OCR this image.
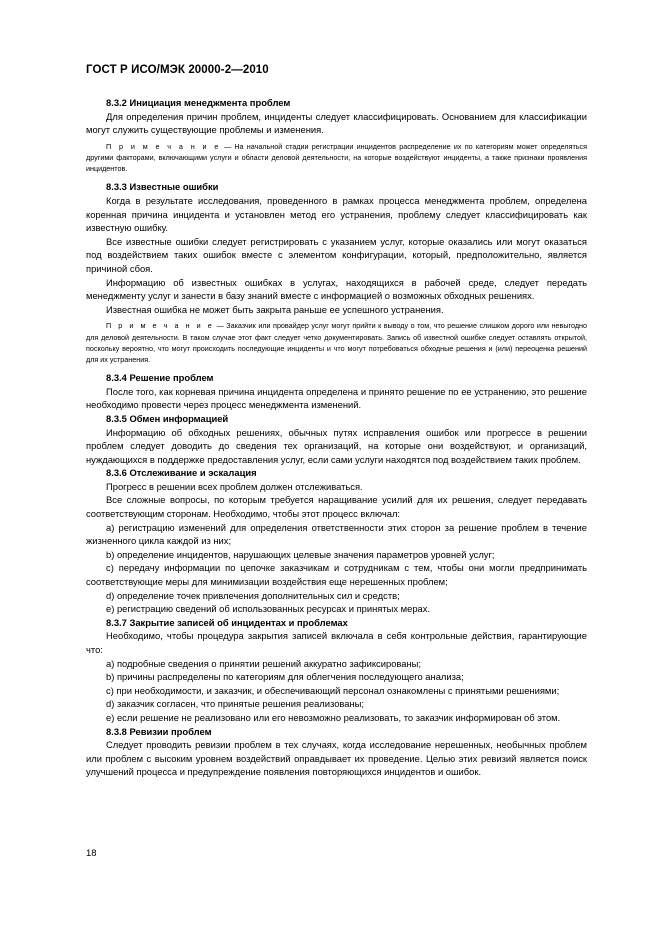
ГОСТ Р ИСО/МЭК 20000-2—2010

8.3.2 Инициация менеджмента проблем

Для определения причин проблем, инциденты следует классифицировать. Основанием для классификации могут служить существующие проблемы и изменения.

П р и м е ч а н и е — На начальной стадии регистрации инцидентов распределение их по категориям может определяться другими факторами, включающими услуги и области деловой деятельности, на которые воздействуют инциденты, а также признаки проявления инцидентов.

8.3.3 Известные ошибки

Когда в результате исследования, проведенного в рамках процесса менеджмента проблем, определена коренная причина инцидента и установлен метод его устранения, проблему следует классифицировать как известную ошибку.

Все известные ошибки следует регистрировать с указанием услуг, которые оказались или могут оказаться под воздействием таких ошибок вместе с элементом конфигурации, который, предположительно, является причиной сбоя.

Информацию об известных ошибках в услугах, находящихся в рабочей среде, следует передать менеджменту услуг и занести в базу знаний вместе с информацией о возможных обходных решениях.

Известная ошибка не может быть закрыта раньше ее успешного устранения.

П р и м е ч а н и е — Заказчик или провайдер услуг могут прийти к выводу о том, что решение слишком дорого или невыгодно для деловой деятельности. В таком случае этот факт следует четко документировать. Запись об известной ошибке следует оставлять открытой, поскольку вероятно, что могут происходить последующие инциденты и что могут потребоваться обходные решения и (или) переоценка решений для их устранения.

8.3.4 Решение проблем

После того, как корневая причина инцидента определена и принято решение по ее устранению, это решение необходимо провести через процесс менеджмента изменений.

8.3.5 Обмен информацией

Информацию об обходных решениях, обычных путях исправления ошибок или прогрессе в решении проблем следует доводить до сведения тех организаций, на которые они воздействуют, и организаций, нуждающихся в поддержке предоставления услуг, если сами услуги находятся под воздействием таких проблем.

8.3.6 Отслеживание и эскалация

Прогресс в решении всех проблем должен отслеживаться.

Все сложные вопросы, по которым требуется наращивание усилий для их решения, следует передавать соответствующим сторонам. Необходимо, чтобы этот процесс включал:

a) регистрацию изменений для определения ответственности этих сторон за решение проблем в течение жизненного цикла каждой из них;

b) определение инцидентов, нарушающих целевые значения параметров уровней услуг;

c) передачу информации по цепочке заказчикам и сотрудникам с тем, чтобы они могли предпринимать соответствующие меры для минимизации воздействия еще нерешенных проблем;

d) определение точек привлечения дополнительных сил и средств;

e) регистрацию сведений об использованных ресурсах и принятых мерах.

8.3.7 Закрытие записей об инцидентах и проблемах

Необходимо, чтобы процедура закрытия записей включала в себя контрольные действия, гарантирующие что:

a) подробные сведения о принятии решений аккуратно зафиксированы;

b) причины распределены по категориям для облегчения последующего анализа;

c) при необходимости, и заказчик, и обеспечивающий персонал ознакомлены с принятыми решениями;

d) заказчик согласен, что принятые решения реализованы;

e) если решение не реализовано или его невозможно реализовать, то заказчик информирован об этом.

8.3.8 Ревизии проблем

Следует проводить ревизии проблем в тех случаях, когда исследование нерешенных, необычных проблем или проблем с высоким уровнем воздействий оправдывает их проведение. Целью этих ревизий является поиск улучшений процесса и предупреждение появления повторяющихся инцидентов и ошибок.

18
